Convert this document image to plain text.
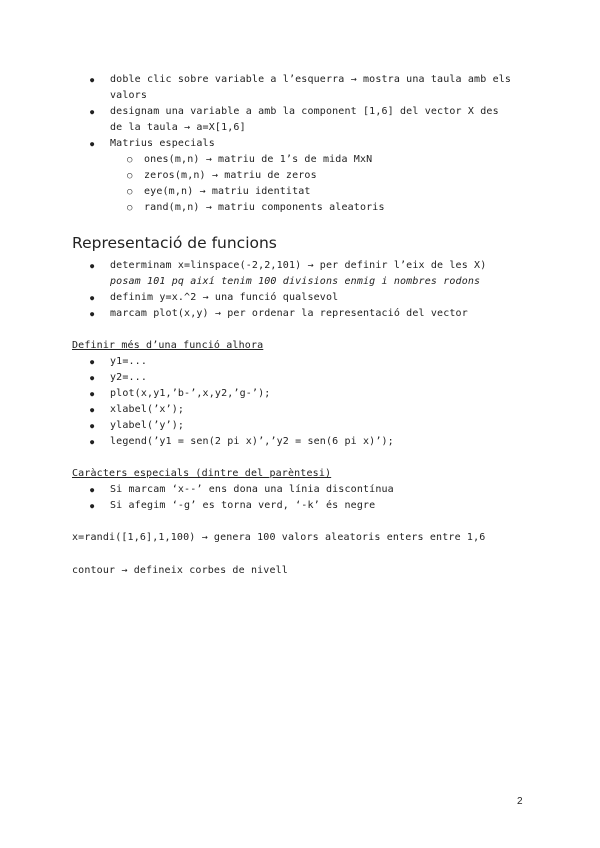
● doble clic sobre variable a l’esquerra → mostra una taula amb els
valors
● designam una variable a amb la component [1,6] del vector X des
de la taula → a=X[1,6]
● Matrius especials
○ ones(m,n) → matriu de 1’s de mida MxN
○ zeros(m,n) → matriu de zeros
○ eye(m,n) → matriu identitat
○ rand(m,n) → matriu components aleatoris
Representació de funcions
● determinam x=linspace(-2,2,101) → per definir l’eix de les X)
posam 101 pq així tenim 100 divisions enmig i nombres rodons
● definim y=x.^2 → una funció qualsevol
● marcam plot(x,y) → per ordenar la representació del vector
Definir més d’una funció alhora
● y1=...
● y2=...
● plot(x,y1,’b-’,x,y2,’g-’);
● xlabel(’x’);
● ylabel(’y’);
● legend(’y1 = sen(2 pi x)’,’y2 = sen(6 pi x)’);
Caràcters especials (dintre del parèntesi)
● Si marcam ‘x--’ ens dona una línia discontínua
● Si afegim ‘-g’ es torna verd, ‘-k’ és negre
x=randi([1,6],1,100) → genera 100 valors aleatoris enters entre 1,6
contour → defineix corbes de nivell
2
